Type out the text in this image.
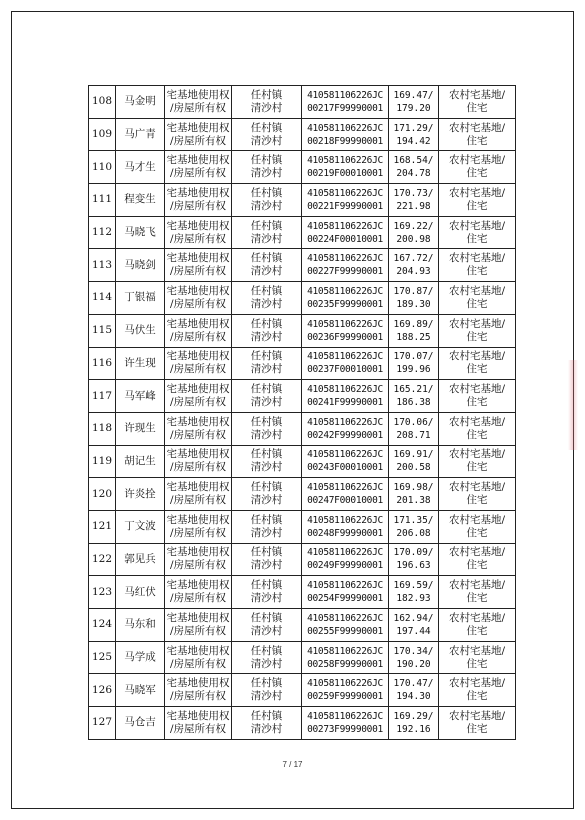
108	马金明	宅基地使用权
/房屋所有权	任村镇
清沙村	410581106226JC
00217F99990001	169.47/
179.20	农村宅基地/
住宅

109	马广青	宅基地使用权
/房屋所有权	任村镇
清沙村	410581106226JC
00218F99990001	171.29/
194.42	农村宅基地/
住宅

110	马才生	宅基地使用权
/房屋所有权	任村镇
清沙村	410581106226JC
00219F00010001	168.54/
204.78	农村宅基地/
住宅

111	程变生	宅基地使用权
/房屋所有权	任村镇
清沙村	410581106226JC
00221F99990001	170.73/
221.98	农村宅基地/
住宅

112	马晓飞	宅基地使用权
/房屋所有权	任村镇
清沙村	410581106226JC
00224F00010001	169.22/
200.98	农村宅基地/
住宅

113	马晓剑	宅基地使用权
/房屋所有权	任村镇
清沙村	410581106226JC
00227F99990001	167.72/
204.93	农村宅基地/
住宅

114	丁银福	宅基地使用权
/房屋所有权	任村镇
清沙村	410581106226JC
00235F99990001	170.87/
189.30	农村宅基地/
住宅

115	马伏生	宅基地使用权
/房屋所有权	任村镇
清沙村	410581106226JC
00236F99990001	169.89/
188.25	农村宅基地/
住宅

116	许生现	宅基地使用权
/房屋所有权	任村镇
清沙村	410581106226JC
00237F00010001	170.07/
199.96	农村宅基地/
住宅

117	马军峰	宅基地使用权
/房屋所有权	任村镇
清沙村	410581106226JC
00241F99990001	165.21/
186.38	农村宅基地/
住宅

118	许现生	宅基地使用权
/房屋所有权	任村镇
清沙村	410581106226JC
00242F99990001	170.06/
208.71	农村宅基地/
住宅

119	胡记生	宅基地使用权
/房屋所有权	任村镇
清沙村	410581106226JC
00243F00010001	169.91/
200.58	农村宅基地/
住宅

120	许炎拴	宅基地使用权
/房屋所有权	任村镇
清沙村	410581106226JC
00247F00010001	169.98/
201.38	农村宅基地/
住宅

121	丁文波	宅基地使用权
/房屋所有权	任村镇
清沙村	410581106226JC
00248F99990001	171.35/
206.08	农村宅基地/
住宅

122	郭见兵	宅基地使用权
/房屋所有权	任村镇
清沙村	410581106226JC
00249F99990001	170.09/
196.63	农村宅基地/
住宅

123	马红伏	宅基地使用权
/房屋所有权	任村镇
清沙村	410581106226JC
00254F99990001	169.59/
182.93	农村宅基地/
住宅

124	马东和	宅基地使用权
/房屋所有权	任村镇
清沙村	410581106226JC
00255F99990001	162.94/
197.44	农村宅基地/
住宅

125	马学成	宅基地使用权
/房屋所有权	任村镇
清沙村	410581106226JC
00258F99990001	170.34/
190.20	农村宅基地/
住宅

126	马晓军	宅基地使用权
/房屋所有权	任村镇
清沙村	410581106226JC
00259F99990001	170.47/
194.30	农村宅基地/
住宅

127	马仓吉	宅基地使用权
/房屋所有权	任村镇
清沙村	410581106226JC
00273F99990001	169.29/
192.16	农村宅基地/
住宅
7 / 17
